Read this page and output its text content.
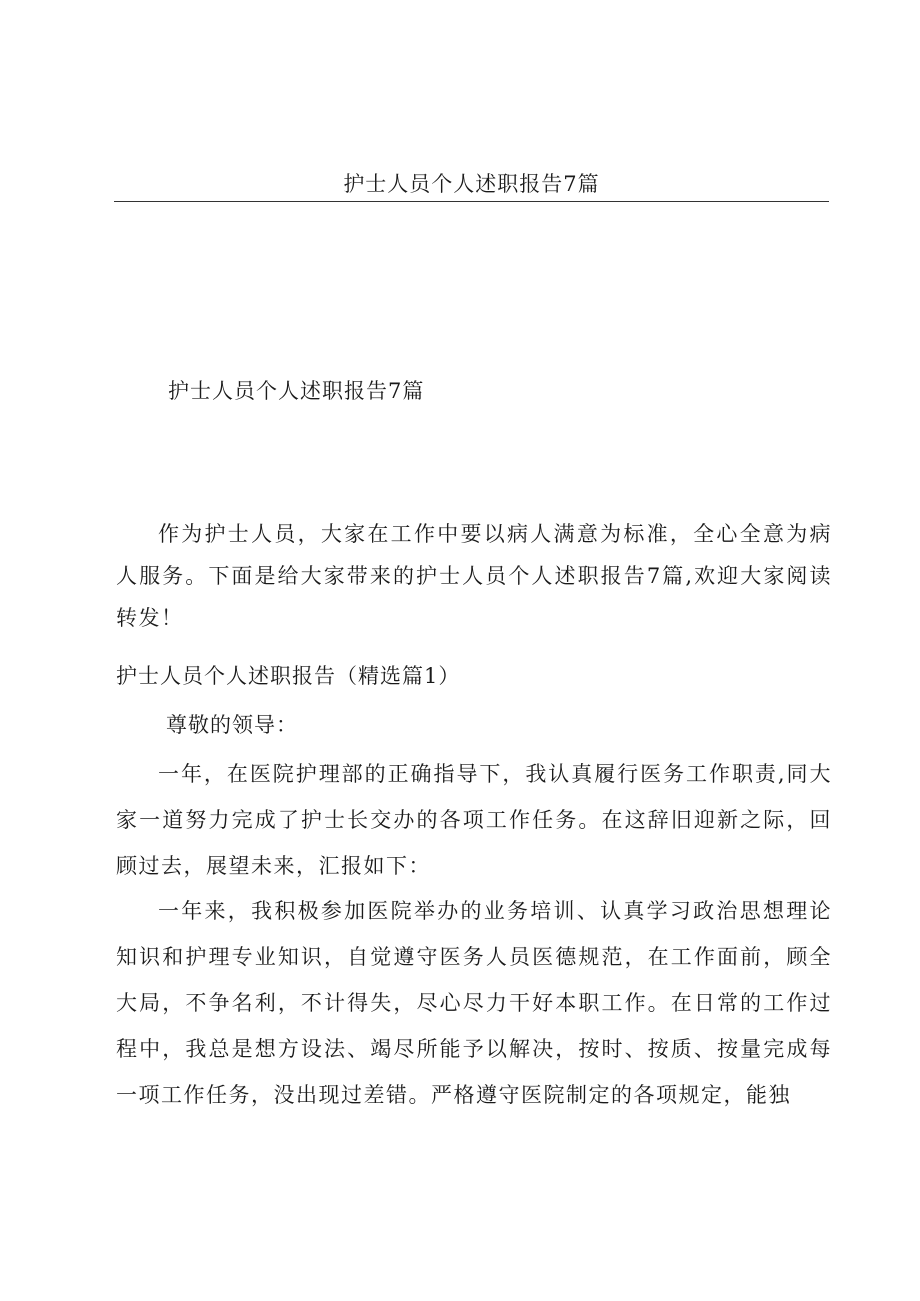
护士人员个人述职报告7篇
护士人员个人述职报告7篇

作为护士人员，大家在工作中要以病人满意为标准，全心全意为病人服务。下面是给大家带来的护士人员个人述职报告7篇,欢迎大家阅读转发！

护士人员个人述职报告（精选篇1）

尊敬的领导：

一年，在医院护理部的正确指导下，我认真履行医务工作职责,同大家一道努力完成了护士长交办的各项工作任务。在这辞旧迎新之际，回顾过去，展望未来，汇报如下：

一年来，我积极参加医院举办的业务培训、认真学习政治思想理论知识和护理专业知识，自觉遵守医务人员医德规范，在工作面前，顾全大局，不争名利，不计得失，尽心尽力干好本职工作。在日常的工作过程中，我总是想方设法、竭尽所能予以解决，按时、按质、按量完成每一项工作任务，没出现过差错。严格遵守医院制定的各项规定，能独
